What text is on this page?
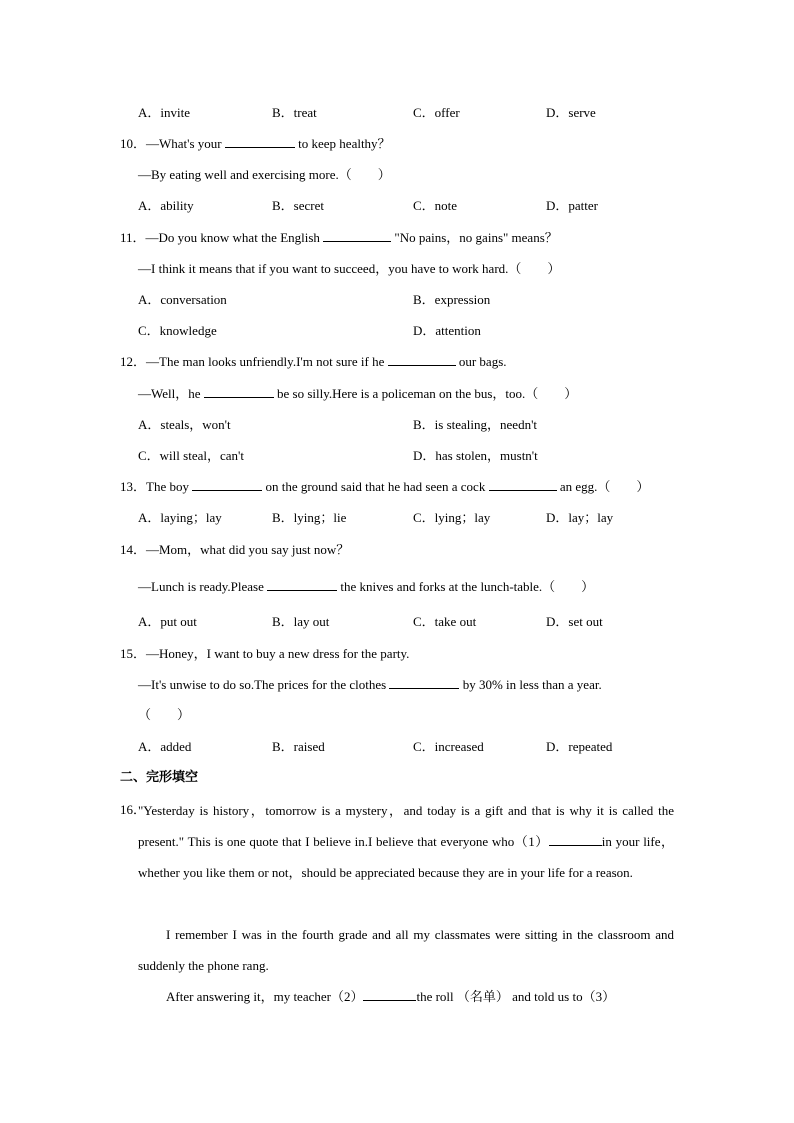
A．invite	B．treat	C．offer	D．serve
10．—What's your	to keep healthy？
—By eating well and exercising more.（　　）
A．ability	B．secret	C．note	D．patter
11．—Do you know what the English	"No pains，no gains" means？
—I think it means that if you want to succeed，you have to work hard.（　　）
A．conversation	B．expression
C．knowledge	D．attention
12．—The man looks unfriendly.I'm not sure if he	our bags.
—Well，he	be so silly.Here is a policeman on the bus，too.（　　）
A．steals，won't	B．is stealing，needn't
C．will steal，can't	D．has stolen，mustn't
13．The boy	on the ground said that he had seen a cock	an egg.（　　）
A．laying；lay	B．lying；lie	C．lying；lay	D．lay；lay
14．—Mom，what did you say just now？
—Lunch is ready.Please	the knives and forks at the lunch-table.（　　）
A．put out	B．lay out	C．take out	D．set out
15．—Honey，I want to buy a new dress for the party.
—It's unwise to do so.The prices for the clothes	by 30% in less than a year.
（　　）
A．added	B．raised	C．increased	D．repeated
二、完形填空
16．
"Yesterday is history，tomorrow is a mystery，and today is a gift and that is why it is called the present." This is one quote that I believe in.I believe that everyone who（1）	in your life，whether you like them or not，should be appreciated because they are in your life for a reason.
I remember I was in the fourth grade and all my classmates were sitting in the classroom and suddenly the phone rang.
After answering it，my teacher（2）	the roll （名单） and told us to（3）
